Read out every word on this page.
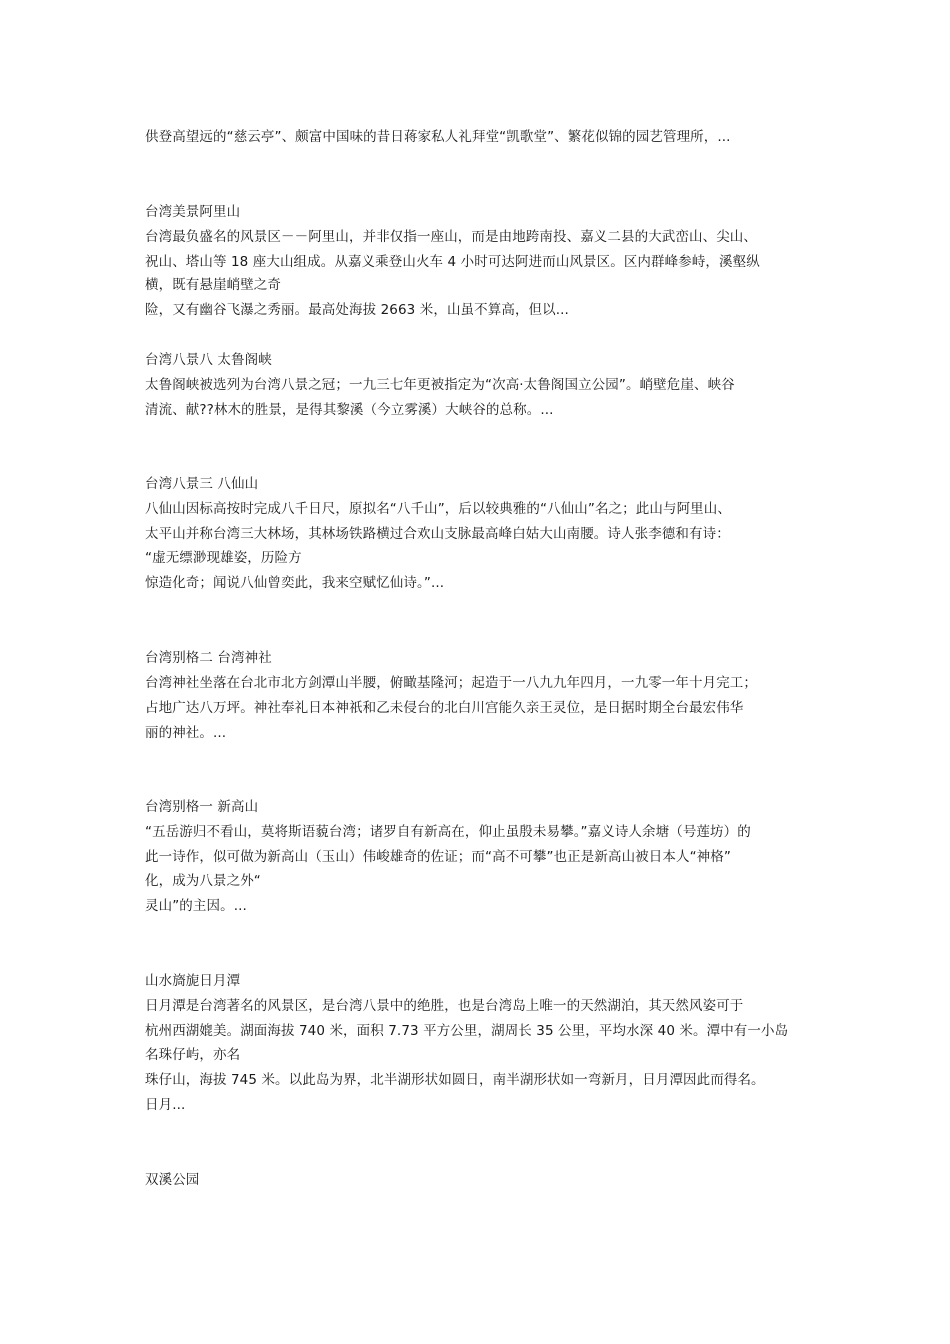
供登高望远的“慈云亭”、颇富中国味的昔日蒋家私人礼拜堂“凯歌堂”、繁花似锦的园艺管理所，...
台湾美景阿里山
台湾最负盛名的风景区－－阿里山，并非仅指一座山，而是由地跨南投、嘉义二县的大武峦山、尖山、
祝山、塔山等 18 座大山组成。从嘉义乘登山火车 4 小时可达阿进而山风景区。区内群峰参峙，溪壑纵
横，既有悬崖峭壁之奇
险，又有幽谷飞瀑之秀丽。最高处海拔 2663 米，山虽不算高，但以...
台湾八景八 太鲁阁峡
太鲁阁峡被选列为台湾八景之冠；一九三七年更被指定为“次高·太鲁阁国立公园”。峭壁危崖、峡谷
清流、献??林木的胜景，是得其黎溪（今立雾溪）大峡谷的总称。...
台湾八景三 八仙山
八仙山因标高按时完成八千日尺，原拟名“八千山”，后以较典雅的“八仙山”名之；此山与阿里山、
太平山并称台湾三大林场，其林场铁路横过合欢山支脉最高峰白姑大山南腰。诗人张李德和有诗：
“虚无缥渺现雄姿，历险方
惊造化奇；闻说八仙曾奕此，我来空赋忆仙诗。”...
台湾别格二 台湾神社
台湾神社坐落在台北市北方剑潭山半腰，俯瞰基隆河；起造于一八九九年四月，一九零一年十月完工；
占地广达八万坪。神社奉礼日本神祇和乙未侵台的北白川宫能久亲王灵位，是日据时期全台最宏伟华
丽的神社。...
台湾别格一 新高山
“五岳游归不看山，莫将斯语藐台湾；诸罗自有新高在，仰止虽殷未易攀。”嘉义诗人余塘（号莲坊）的
此一诗作，似可做为新高山（玉山）伟峻雄奇的佐证；而“高不可攀”也正是新高山被日本人“神格”
化，成为八景之外“
灵山”的主因。...
山水旖旎日月潭
日月潭是台湾著名的风景区，是台湾八景中的绝胜，也是台湾岛上唯一的天然湖泊，其天然风姿可于
杭州西湖媲美。湖面海拔 740 米，面积 7.73 平方公里，湖周长 35 公里，平均水深 40 米。潭中有一小岛
名珠仔屿，亦名
珠仔山，海拔 745 米。以此岛为界，北半湖形状如圆日，南半湖形状如一弯新月，日月潭因此而得名。
日月...
双溪公园
